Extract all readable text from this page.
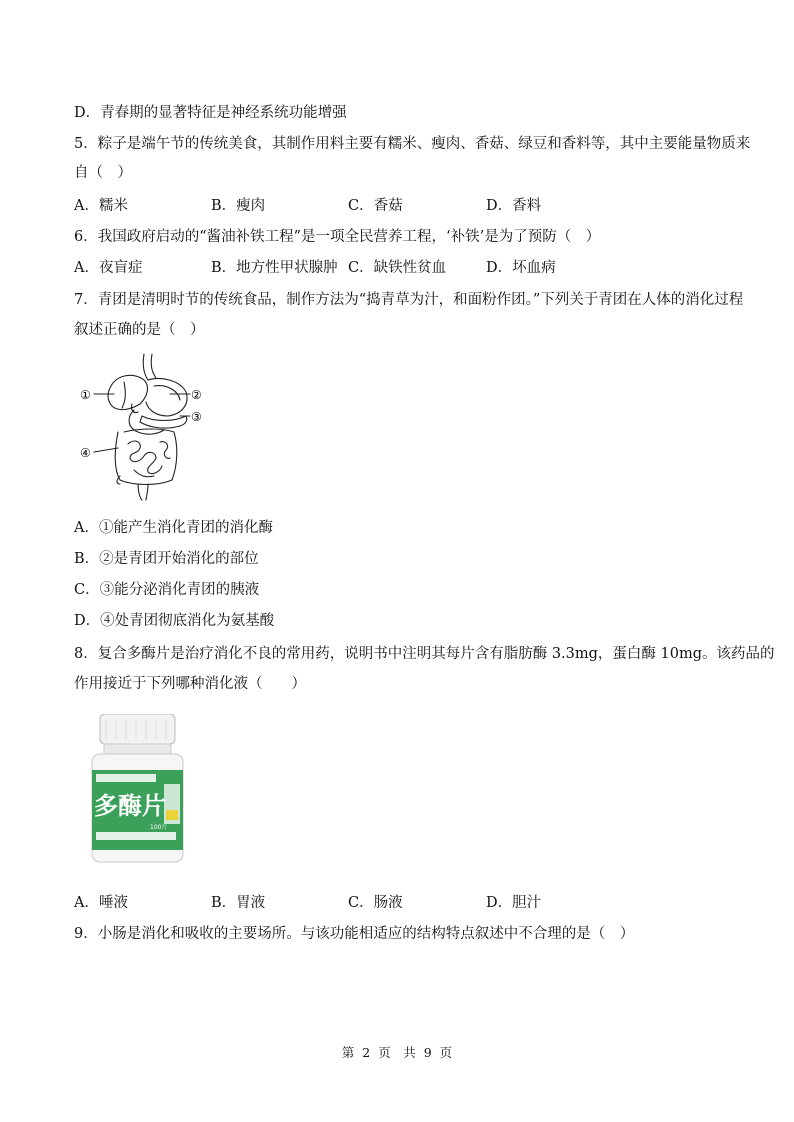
D．青春期的显著特征是神经系统功能增强
5．粽子是端午节的传统美食，其制作用料主要有糯米、瘦肉、香菇、绿豆和香料等，其中主要能量物质来
自（　）
A．糯米	B．瘦肉	C．香菇	D．香料
6．我国政府启动的“酱油补铁工程”是一项全民营养工程，‘补铁’是为了预防（　）
A．夜盲症	B．地方性甲状腺肿 C．缺铁性贫血	D．坏血病
7．青团是清明时节的传统食品，制作方法为“捣青草为汁，和面粉作团。”下列关于青团在人体的消化过程
叙述正确的是（　）
①	②
③
④
A．①能产生消化青团的消化酶
B．②是青团开始消化的部位
C．③能分泌消化青团的胰液
D．④处青团彻底消化为氨基酸
8．复合多酶片是治疗消化不良的常用药，说明书中注明其每片含有脂肪酶 3.3mg，蛋白酶 10mg。该药品的
作用接近于下列哪种消化液（　　）
多酶片
100片
A．唾液	B．胃液	C．肠液	D．胆汁
9．小肠是消化和吸收的主要场所。与该功能相适应的结构特点叙述中不合理的是（　）
第 2 页　共 9 页
